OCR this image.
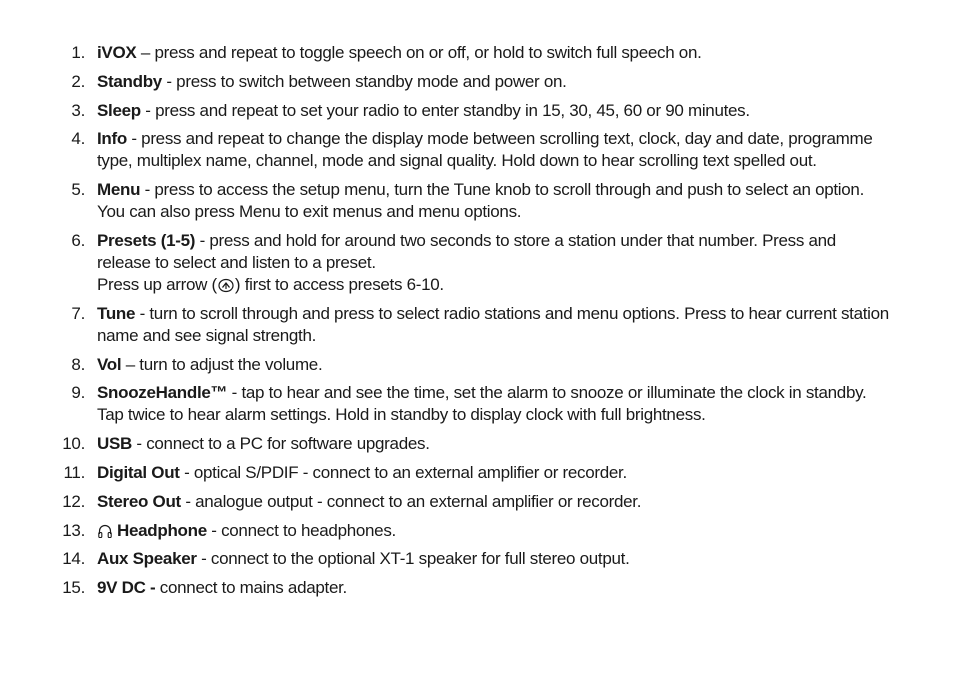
1. iVOX – press and repeat to toggle speech on or off, or hold to switch full speech on.
2. Standby - press to switch between standby mode and power on.
3. Sleep - press and repeat to set your radio to enter standby in 15, 30, 45, 60 or 90 minutes.
4. Info - press and repeat to change the display mode between scrolling text, clock, day and date, programme type, multiplex name, channel, mode and signal quality. Hold down to hear scrolling text spelled out.
5. Menu - press to access the setup menu, turn the Tune knob to scroll through and push to select an option. You can also press Menu to exit menus and menu options.
6. Presets (1-5) - press and hold for around two seconds to store a station under that number. Press and release to select and listen to a preset.
Press up arrow ( ) first to access presets 6-10.
7. Tune - turn to scroll through and press to select radio stations and menu options. Press to hear current station name and see signal strength.
8. Vol – turn to adjust the volume.
9. SnoozeHandle™ - tap to hear and see the time, set the alarm to snooze or illuminate the clock in standby. Tap twice to hear alarm settings. Hold in standby to display clock with full brightness.
10. USB - connect to a PC for software upgrades.
11. Digital Out - optical S/PDIF - connect to an external amplifier or recorder.
12. Stereo Out - analogue output - connect to an external amplifier or recorder.
13.	Headphone - connect to headphones.
14. Aux Speaker - connect to the optional XT-1 speaker for full stereo output.
15. 9V DC - connect to mains adapter.
